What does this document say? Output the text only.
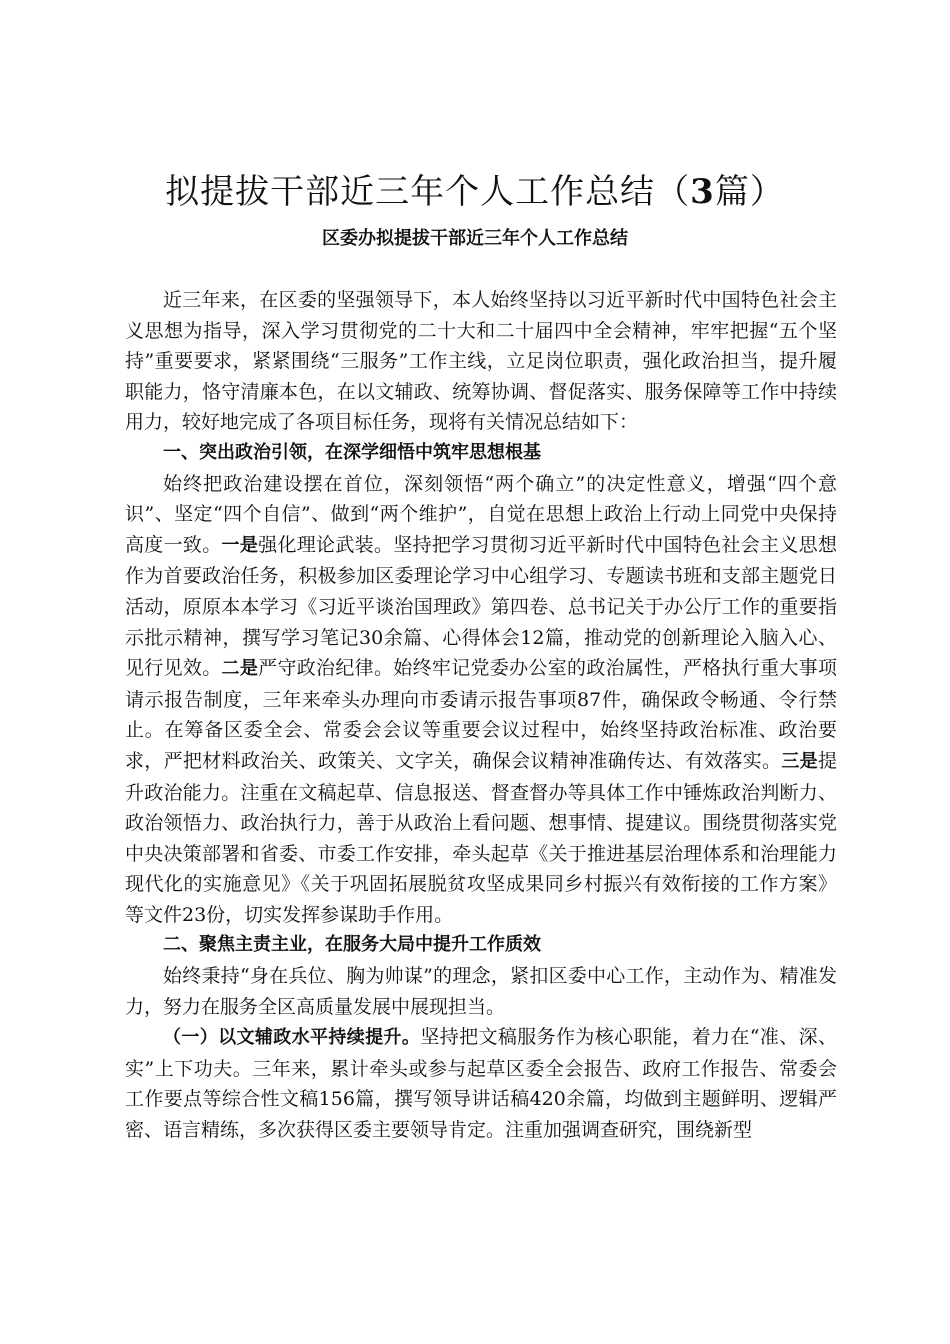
拟提拔干部近三年个人工作总结（3篇）
区委办拟提拔干部近三年个人工作总结

近三年来，在区委的坚强领导下，本人始终坚持以习近平新时代中国特色社会主义思想为指导，深入学习贯彻党的二十大和二十届四中全会精神，牢牢把握“五个坚持”重要要求，紧紧围绕“三服务”工作主线，立足岗位职责，强化政治担当，提升履职能力，恪守清廉本色，在以文辅政、统筹协调、督促落实、服务保障等工作中持续用力，较好地完成了各项目标任务，现将有关情况总结如下：

一、突出政治引领，在深学细悟中筑牢思想根基

始终把政治建设摆在首位，深刻领悟“两个确立”的决定性意义，增强“四个意识”、坚定“四个自信”、做到“两个维护”，自觉在思想上政治上行动上同党中央保持高度一致。一是强化理论武装。坚持把学习贯彻习近平新时代中国特色社会主义思想作为首要政治任务，积极参加区委理论学习中心组学习、专题读书班和支部主题党日活动，原原本本学习《习近平谈治国理政》第四卷、总书记关于办公厅工作的重要指示批示精神，撰写学习笔记30余篇、心得体会12篇，推动党的创新理论入脑入心、见行见效。二是严守政治纪律。始终牢记党委办公室的政治属性，严格执行重大事项请示报告制度，三年来牵头办理向市委请示报告事项87件，确保政令畅通、令行禁止。在筹备区委全会、常委会会议等重要会议过程中，始终坚持政治标准、政治要求，严把材料政治关、政策关、文字关，确保会议精神准确传达、有效落实。三是提升政治能力。注重在文稿起草、信息报送、督查督办等具体工作中锤炼政治判断力、政治领悟力、政治执行力，善于从政治上看问题、想事情、提建议。围绕贯彻落实党中央决策部署和省委、市委工作安排，牵头起草《关于推进基层治理体系和治理能力现代化的实施意见》《关于巩固拓展脱贫攻坚成果同乡村振兴有效衔接的工作方案》等文件23份，切实发挥参谋助手作用。

二、聚焦主责主业，在服务大局中提升工作质效

始终秉持“身在兵位、胸为帅谋”的理念，紧扣区委中心工作，主动作为、精准发力，努力在服务全区高质量发展中展现担当。

（一）以文辅政水平持续提升。坚持把文稿服务作为核心职能，着力在“准、深、实”上下功夫。三年来，累计牵头或参与起草区委全会报告、政府工作报告、常委会工作要点等综合性文稿156篇，撰写领导讲话稿420余篇，均做到主题鲜明、逻辑严密、语言精练，多次获得区委主要领导肯定。注重加强调查研究，围绕新型
